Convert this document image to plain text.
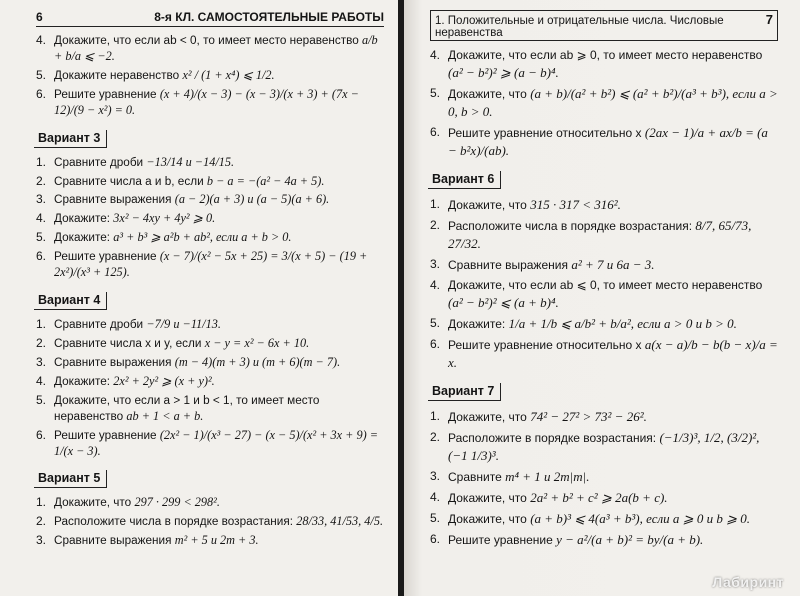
6	8-я КЛ. САМОСТОЯТЕЛЬНЫЕ РАБОТЫ
4. Докажите, что если ab < 0, то имеет место неравенство a/b + b/a ⩽ −2.
5. Докажите неравенство x² / (1 + x⁴) ⩽ 1/2.
6. Решите уравнение (x + 4)/(x − 3) − (x − 3)/(x + 3) + (7x − 12)/(9 − x²) = 0.
Вариант 3
1. Сравните дроби −13/14 и −14/15.
2. Сравните числа a и b, если b − a = −(a² − 4a + 5).
3. Сравните выражения (a − 2)(a + 3) и (a − 5)(a + 6).
4. Докажите: 3x² − 4xy + 4y² ⩾ 0.
5. Докажите: a³ + b³ ⩾ a²b + ab², если a + b > 0.
6. Решите уравнение (x − 7)/(x² − 5x + 25) = 3/(x + 5) − (19 + 2x²)/(x³ + 125).
Вариант 4
1. Сравните дроби −7/9 и −11/13.
2. Сравните числа x и y, если x − y = x² − 6x + 10.
3. Сравните выражения (m − 4)(m + 3) и (m + 6)(m − 7).
4. Докажите: 2x² + 2y² ⩾ (x + y)².
5. Докажите, что если a > 1 и b < 1, то имеет место неравенство ab + 1 < a + b.
6. Решите уравнение (2x² − 1)/(x³ − 27) − (x − 5)/(x² + 3x + 9) = 1/(x − 3).
Вариант 5
1. Докажите, что 297 · 299 < 298².
2. Расположите числа в порядке возрастания: 28/33, 41/53, 4/5.
3. Сравните выражения m² + 5 и 2m + 3.
1. Положительные и отрицательные числа. Числовые неравенства
7
4. Докажите, что если ab ⩾ 0, то имеет место неравенство (a² − b²)² ⩾ (a − b)⁴.
5. Докажите, что (a + b)/(a² + b²) ⩽ (a² + b²)/(a³ + b³), если a > 0, b > 0.
6. Решите уравнение относительно x (2ax − 1)/a + ax/b = (a − b²x)/(ab).
Вариант 6
1. Докажите, что 315 · 317 < 316².
2. Расположите числа в порядке возрастания: 8/7, 65/73, 27/32.
3. Сравните выражения a² + 7 и 6a − 3.
4. Докажите, что если ab ⩽ 0, то имеет место неравенство (a² − b²)² ⩽ (a + b)⁴.
5. Докажите: 1/a + 1/b ⩽ a/b² + b/a², если a > 0 и b > 0.
6. Решите уравнение относительно x a(x − a)/b − b(b − x)/a = x.
Вариант 7
1. Докажите, что 74² − 27² > 73² − 26².
2. Расположите в порядке возрастания: (−1/3)³, 1/2, (3/2)², (−1 1/3)³.
3. Сравните m⁴ + 1 и 2m|m|.
4. Докажите, что 2a² + b² + c² ⩾ 2a(b + c).
5. Докажите, что (a + b)³ ⩽ 4(a³ + b³), если a ⩾ 0 и b ⩾ 0.
6. Решите уравнение y − a²/(a + b)² = by/(a + b).
Лабиринт
